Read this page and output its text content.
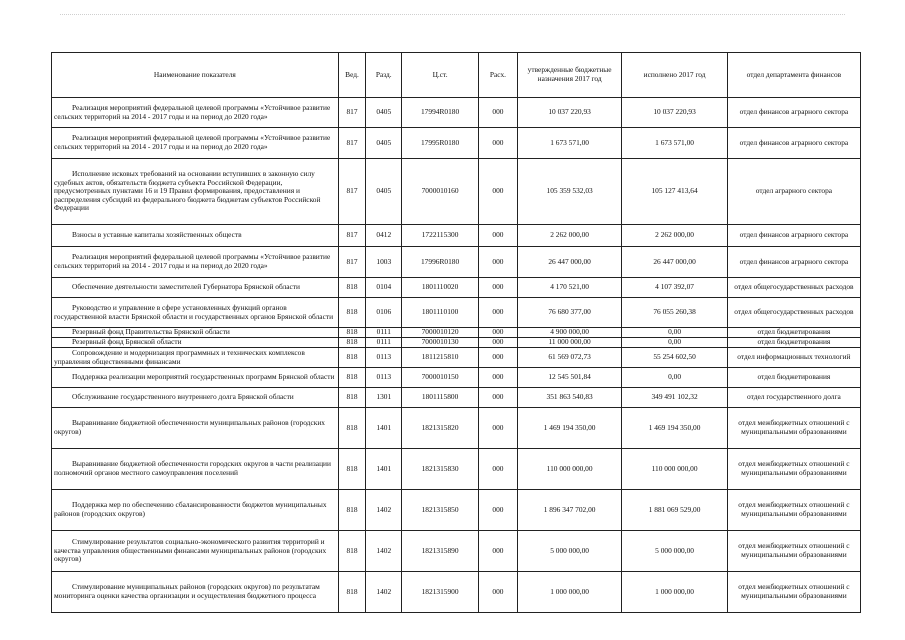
Наименование показателя	Вед.	Разд.	Ц.ст.	Расх.	утвержденные бюджетные назначения 2017 год	исполнено 2017 год	отдел департамента финансов
Реализация мероприятий федеральной целевой программы «Устойчивое развитие сельских территорий на 2014 - 2017 годы и на период до 2020 года»	817	0405	17994R0180	000	10 037 220,93	10 037 220,93	отдел финансов аграрного сектора
Реализация мероприятий федеральной целевой программы «Устойчивое развитие сельских территорий на 2014 - 2017 годы и на период до 2020 года»	817	0405	17995R0180	000	1 673 571,00	1 673 571,00	отдел финансов аграрного сектора
Исполнение исковых требований на основании вступивших в законную силу судебных актов, обязательств бюджета субъекта Российской Федерации, предусмотренных пунктами 16 и 19 Правил формирования, предоставления и распределения субсидий из федерального бюджета бюджетам субъектов Российской Федерации	817	0405	7000010160	000	105 359 532,03	105 127 413,64	отдел аграрного сектора
Взносы в уставные капиталы хозяйственных обществ	817	0412	1722115300	000	2 262 000,00	2 262 000,00	отдел финансов аграрного сектора
Реализация мероприятий федеральной целевой программы «Устойчивое развитие сельских территорий на 2014 - 2017 годы и на период до 2020 года»	817	1003	17996R0180	000	26 447 000,00	26 447 000,00	отдел финансов аграрного сектора
Обеспечение деятельности заместителей Губернатора Брянской области	818	0104	1801110020	000	4 170 521,00	4 107 392,07	отдел общегосударственных расходов
Руководство и управление в сфере установленных функций органов государственной власти Брянской области и государственных органов Брянской области	818	0106	1801110100	000	76 680 377,00	76 055 260,38	отдел общегосударственных расходов
Резервный фонд Правительства Брянской области	818	0111	7000010120	000	4 900 000,00	0,00	отдел бюджетирования
Резервный фонд Брянской области	818	0111	7000010130	000	11 000 000,00	0,00	отдел бюджетирования
Сопровождение и модернизация программных и технических комплексов управления общественными финансами	818	0113	1811215810	000	61 569 072,73	55 254 602,50	отдел информационных технологий
Поддержка реализации мероприятий государственных программ Брянской области	818	0113	7000010150	000	12 545 501,84	0,00	отдел бюджетирования
Обслуживание государственного внутреннего долга Брянской области	818	1301	1801115800	000	351 863 540,83	349 491 102,32	отдел государственного долга
Выравнивание бюджетной обеспеченности муниципальных районов (городских округов)	818	1401	1821315820	000	1 469 194 350,00	1 469 194 350,00	отдел межбюджетных отношений с муниципальными образованиями
Выравнивание бюджетной обеспеченности городских округов в части реализации полномочий органов местного самоуправления поселений	818	1401	1821315830	000	110 000 000,00	110 000 000,00	отдел межбюджетных отношений с муниципальными образованиями
Поддержка мер по обеспечению сбалансированности бюджетов муниципальных районов (городских округов)	818	1402	1821315850	000	1 896 347 702,00	1 881 069 529,00	отдел межбюджетных отношений с муниципальными образованиями
Стимулирование результатов социально-экономического развития территорий и качества управления общественными финансами муниципальных районов (городских округов)	818	1402	1821315890	000	5 000 000,00	5 000 000,00	отдел межбюджетных отношений с муниципальными образованиями
Стимулирование муниципальных районов (городских округов) по результатам мониторинга оценки качества организации и осуществления бюджетного процесса	818	1402	1821315900	000	1 000 000,00	1 000 000,00	отдел межбюджетных отношений с муниципальными образованиями
